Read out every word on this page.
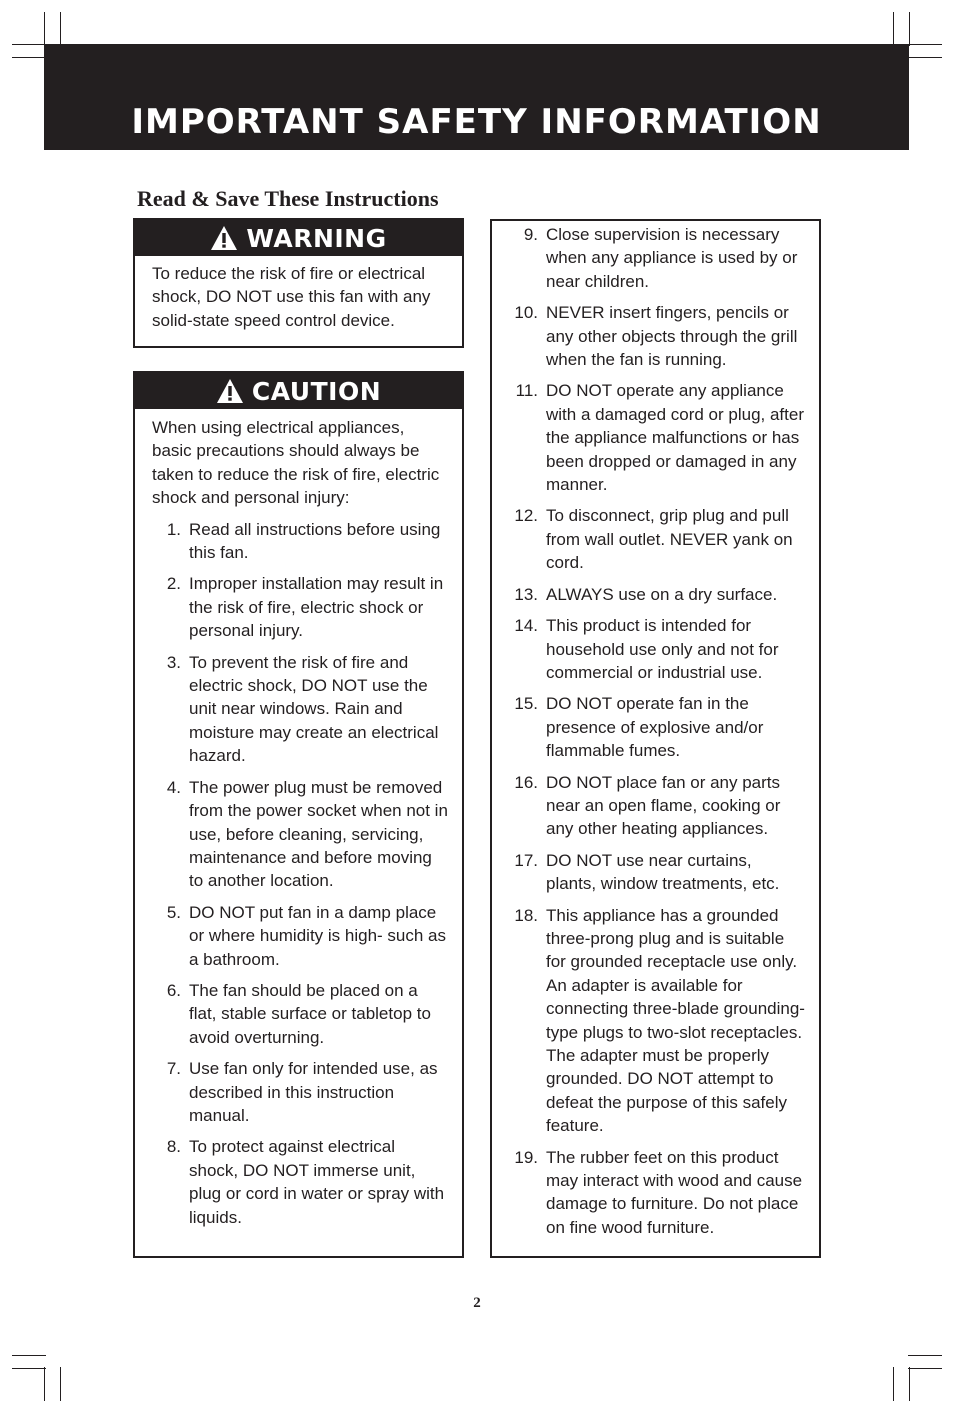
IMPORTANT SAFETY INFORMATION
Read & Save These Instructions
WARNING

To reduce the risk of fire or electrical shock, DO NOT use this fan with any solid-state speed control device.

CAUTION

When using electrical appliances, basic precautions should always be taken to reduce the risk of fire, electric shock and personal injury:

1. Read all instructions before using this fan.
2. Improper installation may result in the risk of fire, electric shock or personal injury.
3. To prevent the risk of fire and electric shock, DO NOT use the unit near windows. Rain and moisture may create an electrical hazard.
4. The power plug must be removed from the power socket when not in use, before cleaning, servicing, maintenance and before moving to another location.
5. DO NOT put fan in a damp place or where humidity is high- such as a bathroom.
6. The fan should be placed on a flat, stable surface or tabletop to avoid overturning.
7. Use fan only for intended use, as described in this instruction manual.
8. To protect against electrical shock, DO NOT immerse unit, plug or cord in water or spray with liquids.
9. Close supervision is necessary when any appliance is used by or near children.
10. NEVER insert fingers, pencils or any other objects through the grill when the fan is running.
11. DO NOT operate any appliance with a damaged cord or plug, after the appliance malfunctions or has been dropped or damaged in any manner.
12. To disconnect, grip plug and pull from wall outlet. NEVER yank on cord.
13. ALWAYS use on a dry surface.
14. This product is intended for household use only and not for commercial or industrial use.
15. DO NOT operate fan in the presence of explosive and/or flammable fumes.
16. DO NOT place fan or any parts near an open flame, cooking or any other heating appliances.
17. DO NOT use near curtains, plants, window treatments, etc.
18. This appliance has a grounded three-prong plug and is suitable for grounded receptacle use only. An adapter is available for connecting three-blade grounding-type plugs to two-slot receptacles. The adapter must be properly grounded. DO NOT attempt to defeat the purpose of this safely feature.
19. The rubber feet on this product may interact with wood and cause damage to furniture. Do not place on fine wood furniture.
2
